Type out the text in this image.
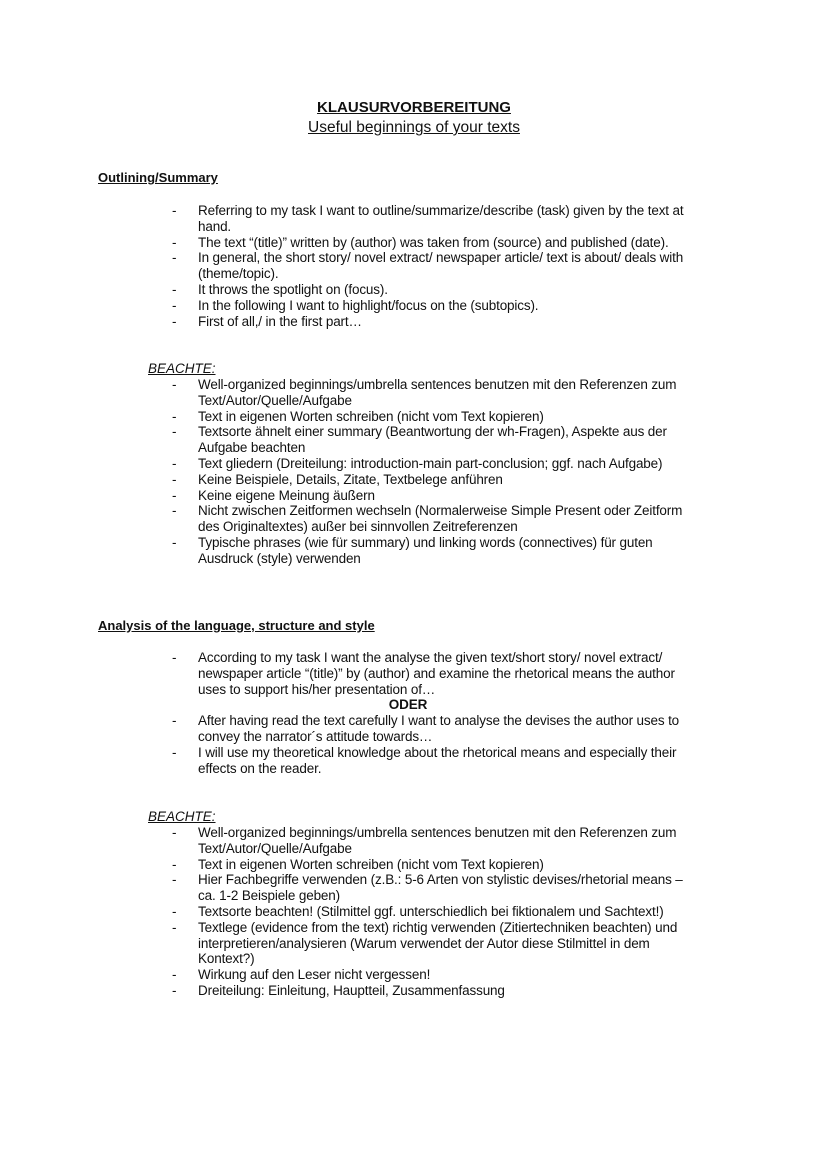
KLAUSURVORBEREITUNG
Useful beginnings of your texts
Outlining/Summary
- Referring to my task I want to outline/summarize/describe (task) given by the text at
hand.
- The text “(title)” written by (author) was taken from (source) and published (date).
- In general, the short story/ novel extract/ newspaper article/ text is about/ deals with
(theme/topic).
- It throws the spotlight on (focus).
- In the following I want to highlight/focus on the (subtopics).
- First of all,/ in the first part…
BEACHTE:
- Well-organized beginnings/umbrella sentences benutzen mit den Referenzen zum
Text/Autor/Quelle/Aufgabe
- Text in eigenen Worten schreiben (nicht vom Text kopieren)
- Textsorte ähnelt einer summary (Beantwortung der wh-Fragen), Aspekte aus der
Aufgabe beachten
- Text gliedern (Dreiteilung: introduction-main part-conclusion; ggf. nach Aufgabe)
- Keine Beispiele, Details, Zitate, Textbelege anführen
- Keine eigene Meinung äußern
- Nicht zwischen Zeitformen wechseln (Normalerweise Simple Present oder Zeitform
des Originaltextes) außer bei sinnvollen Zeitreferenzen
- Typische phrases (wie für summary) und linking words (connectives) für guten
Ausdruck (style) verwenden
Analysis of the language, structure and style
- According to my task I want the analyse the given text/short story/ novel extract/
newspaper article “(title)” by (author) and examine the rhetorical means the author
uses to support his/her presentation of…
ODER
- After having read the text carefully I want to analyse the devises the author uses to
convey the narrator´s attitude towards…
- I will use my theoretical knowledge about the rhetorical means and especially their
effects on the reader.
BEACHTE:
- Well-organized beginnings/umbrella sentences benutzen mit den Referenzen zum
Text/Autor/Quelle/Aufgabe
- Text in eigenen Worten schreiben (nicht vom Text kopieren)
- Hier Fachbegriffe verwenden (z.B.: 5-6 Arten von stylistic devises/rhetorial means –
ca. 1-2 Beispiele geben)
- Textsorte beachten! (Stilmittel ggf. unterschiedlich bei fiktionalem und Sachtext!)
- Textlege (evidence from the text) richtig verwenden (Zitiertechniken beachten) und
interpretieren/analysieren (Warum verwendet der Autor diese Stilmittel in dem
Kontext?)
- Wirkung auf den Leser nicht vergessen!
- Dreiteilung: Einleitung, Hauptteil, Zusammenfassung
